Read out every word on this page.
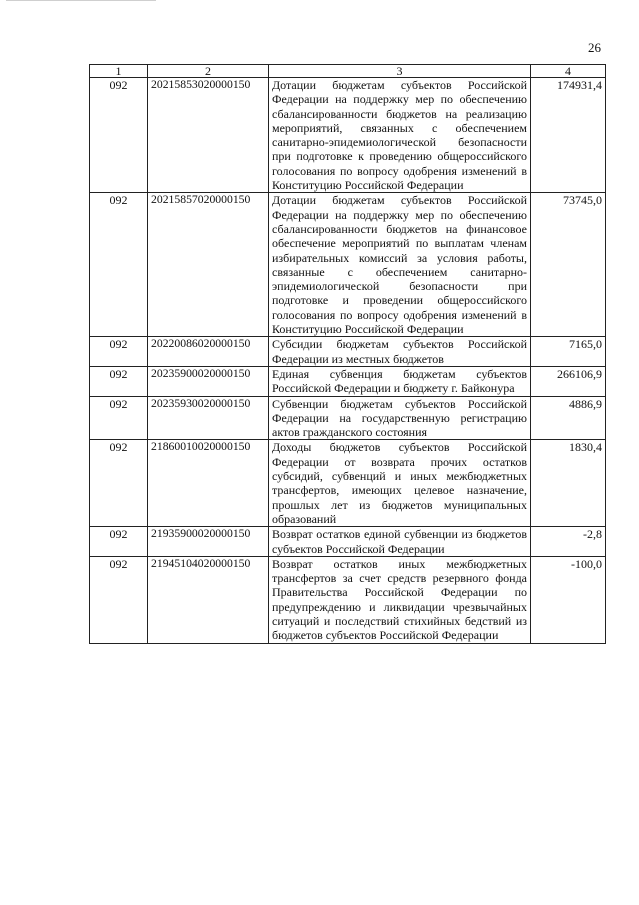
26
1	2	3	4
092	20215853020000150	Дотации бюджетам субъектов Российской Федерации на поддержку мер по обеспечению сбалансированности бюджетов на реализацию мероприятий, связанных с обеспечением санитарно-эпидемиологической безопасности при подготовке к проведению общероссийского голосования по вопросу одобрения изменений в Конституцию Российской Федерации	174931,4
092	20215857020000150	Дотации бюджетам субъектов Российской Федерации на поддержку мер по обеспечению сбалансированности бюджетов на финансовое обеспечение мероприятий по выплатам членам избирательных комиссий за условия работы, связанные с обеспечением санитарно-эпидемиологической безопасности при подготовке и проведении общероссийского голосования по вопросу одобрения изменений в Конституцию Российской Федерации	73745,0
092	20220086020000150	Субсидии бюджетам субъектов Российской Федерации из местных бюджетов	7165,0
092	20235900020000150	Единая субвенция бюджетам субъектов Российской Федерации и бюджету г. Байконура	266106,9
092	20235930020000150	Субвенции бюджетам субъектов Российской Федерации на государственную регистрацию актов гражданского состояния	4886,9
092	21860010020000150	Доходы бюджетов субъектов Российской Федерации от возврата прочих остатков субсидий, субвенций и иных межбюджетных трансфертов, имеющих целевое назначение, прошлых лет из бюджетов муниципальных образований	1830,4
092	21935900020000150	Возврат остатков единой субвенции из бюджетов субъектов Российской Федерации	-2,8
092	21945104020000150	Возврат остатков иных межбюджетных трансфертов за счет средств резервного фонда Правительства Российской Федерации по предупреждению и ликвидации чрезвычайных ситуаций и последствий стихийных бедствий из бюджетов субъектов Российской Федерации	-100,0
